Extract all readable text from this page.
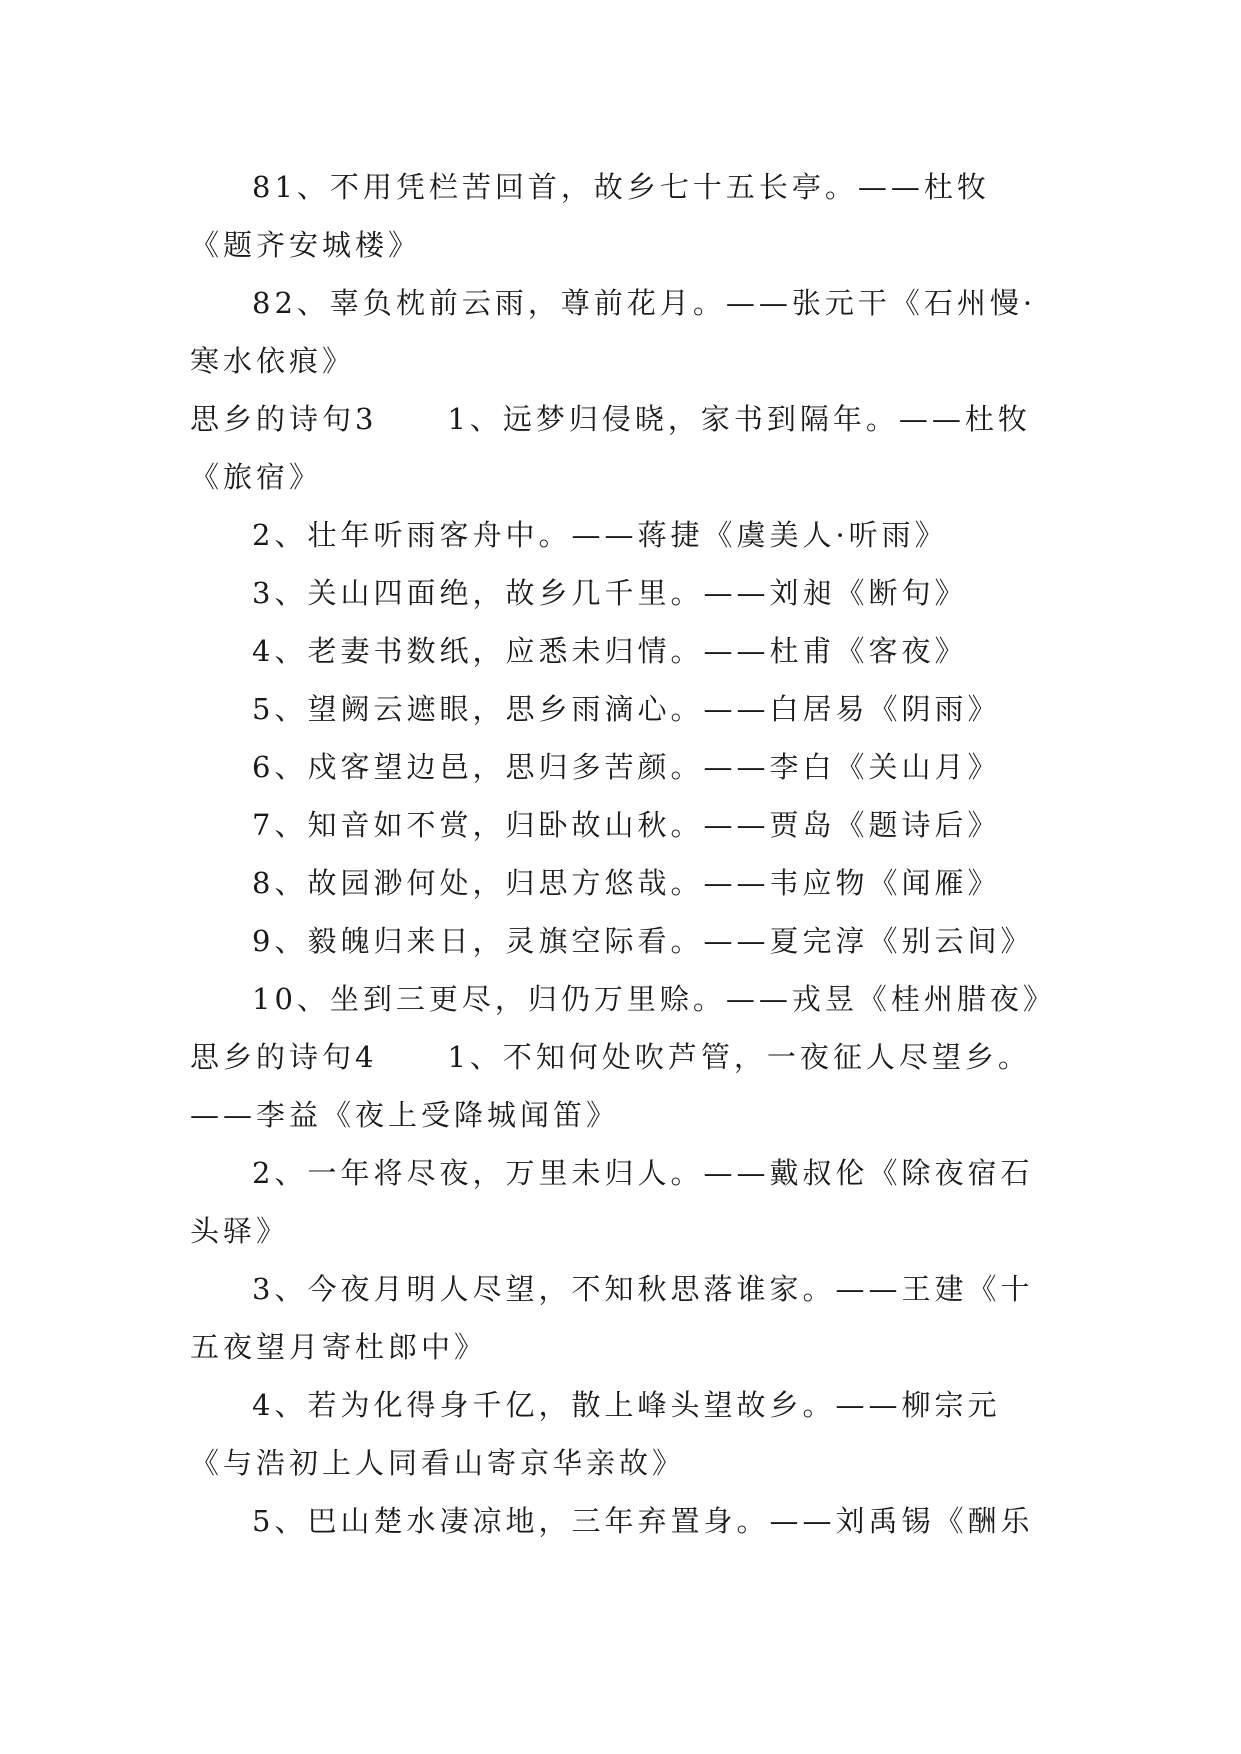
81、不用凭栏苦回首，故乡七十五长亭。——杜牧《题齐安城楼》

82、辜负枕前云雨，尊前花月。——张元干《石州慢·寒水依痕》

思乡的诗句3 1、远梦归侵晓，家书到隔年。——杜牧《旅宿》

2、壮年听雨客舟中。——蒋捷《虞美人·听雨》

3、关山四面绝，故乡几千里。——刘昶《断句》

4、老妻书数纸，应悉未归情。——杜甫《客夜》

5、望阙云遮眼，思乡雨滴心。——白居易《阴雨》

6、戍客望边邑，思归多苦颜。——李白《关山月》

7、知音如不赏，归卧故山秋。——贾岛《题诗后》

8、故园渺何处，归思方悠哉。——韦应物《闻雁》

9、毅魄归来日，灵旗空际看。——夏完淳《别云间》

10、坐到三更尽，归仍万里赊。——戎昱《桂州腊夜》

思乡的诗句4 1、不知何处吹芦管，一夜征人尽望乡。——李益《夜上受降城闻笛》

2、一年将尽夜，万里未归人。——戴叔伦《除夜宿石头驿》

3、今夜月明人尽望，不知秋思落谁家。——王建《十五夜望月寄杜郎中》

4、若为化得身千亿，散上峰头望故乡。——柳宗元《与浩初上人同看山寄京华亲故》

5、巴山楚水凄凉地，三年弃置身。——刘禹锡《酬乐
